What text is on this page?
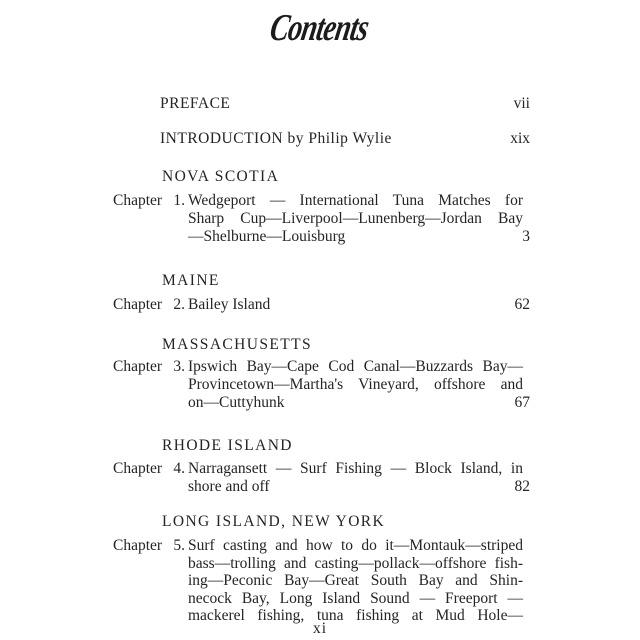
Contents
PREFACE	vii
INTRODUCTION by Philip Wylie	xix
NOVA SCOTIA
Chapter 1. Wedgeport — International Tuna Matches for
Sharp Cup—Liverpool—Lunenberg—Jordan Bay
—Shelburne—Louisburg	3
MAINE
Chapter 2. Bailey Island	62
MASSACHUSETTS
Chapter 3. Ipswich Bay—Cape Cod Canal—Buzzards Bay—
Provincetown—Martha's Vineyard, offshore and
on—Cuttyhunk	67
RHODE ISLAND
Chapter 4. Narragansett — Surf Fishing — Block Island, in
shore and off	82
LONG ISLAND, NEW YORK
Chapter 5. Surf casting and how to do it—Montauk—striped
bass—trolling and casting—pollack—offshore fish-
ing—Peconic Bay—Great South Bay and Shin-
necock Bay, Long Island Sound — Freeport —
mackerel fishing, tuna fishing at Mud Hole—
xi
